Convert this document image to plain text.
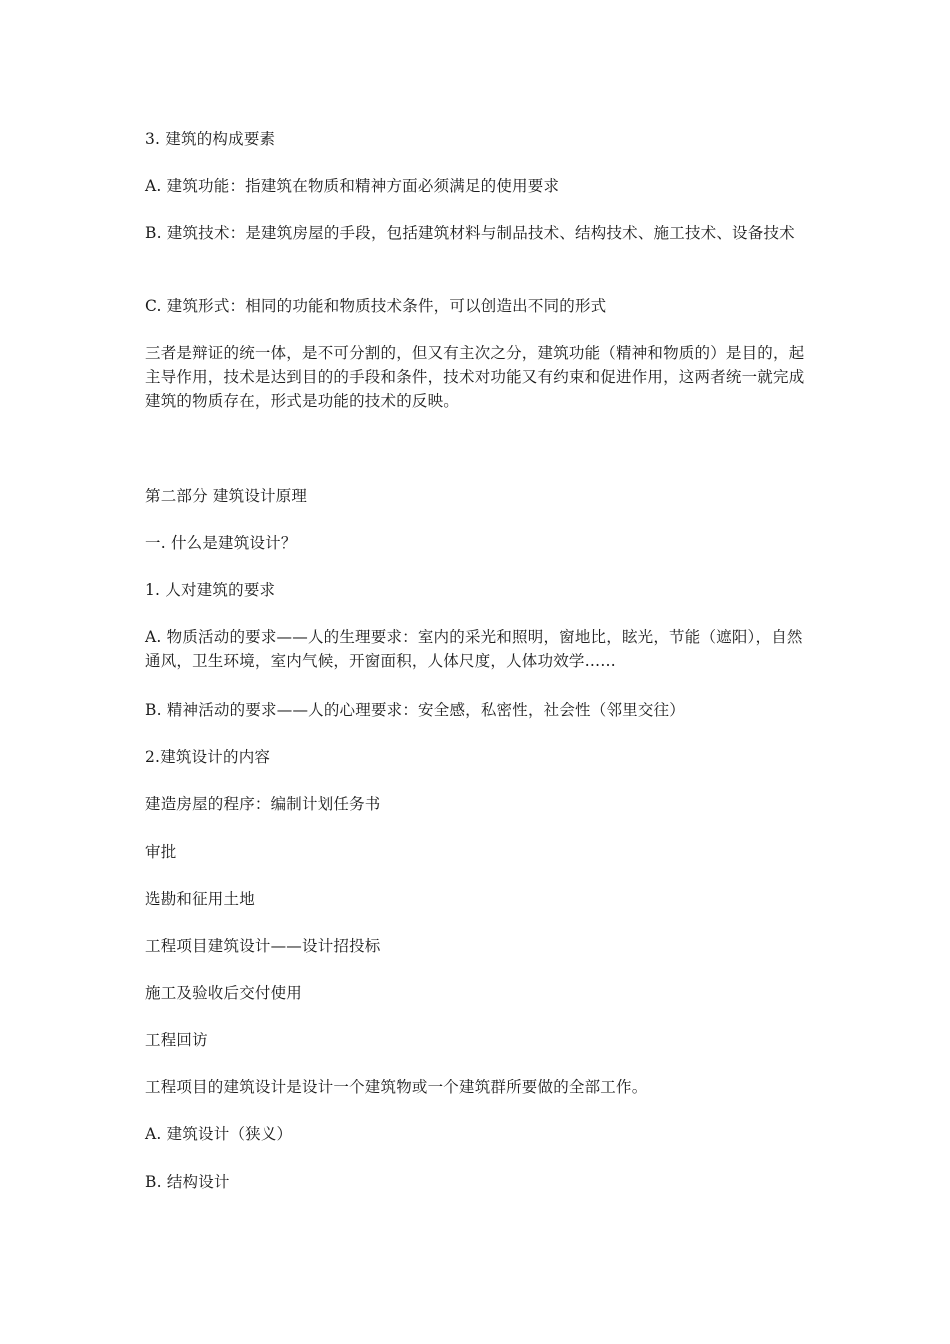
3. 建筑的构成要素
A. 建筑功能：指建筑在物质和精神方面必须满足的使用要求
B. 建筑技术：是建筑房屋的手段，包括建筑材料与制品技术、结构技术、施工技术、设备技术
C. 建筑形式：相同的功能和物质技术条件，可以创造出不同的形式
三者是辩证的统一体，是不可分割的，但又有主次之分，建筑功能（精神和物质的）是目的，起主导作用，技术是达到目的的手段和条件，技术对功能又有约束和促进作用，这两者统一就完成建筑的物质存在，形式是功能的技术的反映。
第二部分 建筑设计原理
一. 什么是建筑设计？
1. 人对建筑的要求
A. 物质活动的要求——人的生理要求：室内的采光和照明，窗地比，眩光，节能（遮阳），自然通风，卫生环境，室内气候，开窗面积，人体尺度，人体功效学……
B. 精神活动的要求——人的心理要求：安全感，私密性，社会性（邻里交往）
2.建筑设计的内容
建造房屋的程序：编制计划任务书
审批
选勘和征用土地
工程项目建筑设计——设计招投标
施工及验收后交付使用
工程回访
工程项目的建筑设计是设计一个建筑物或一个建筑群所要做的全部工作。
A. 建筑设计（狭义）
B. 结构设计
